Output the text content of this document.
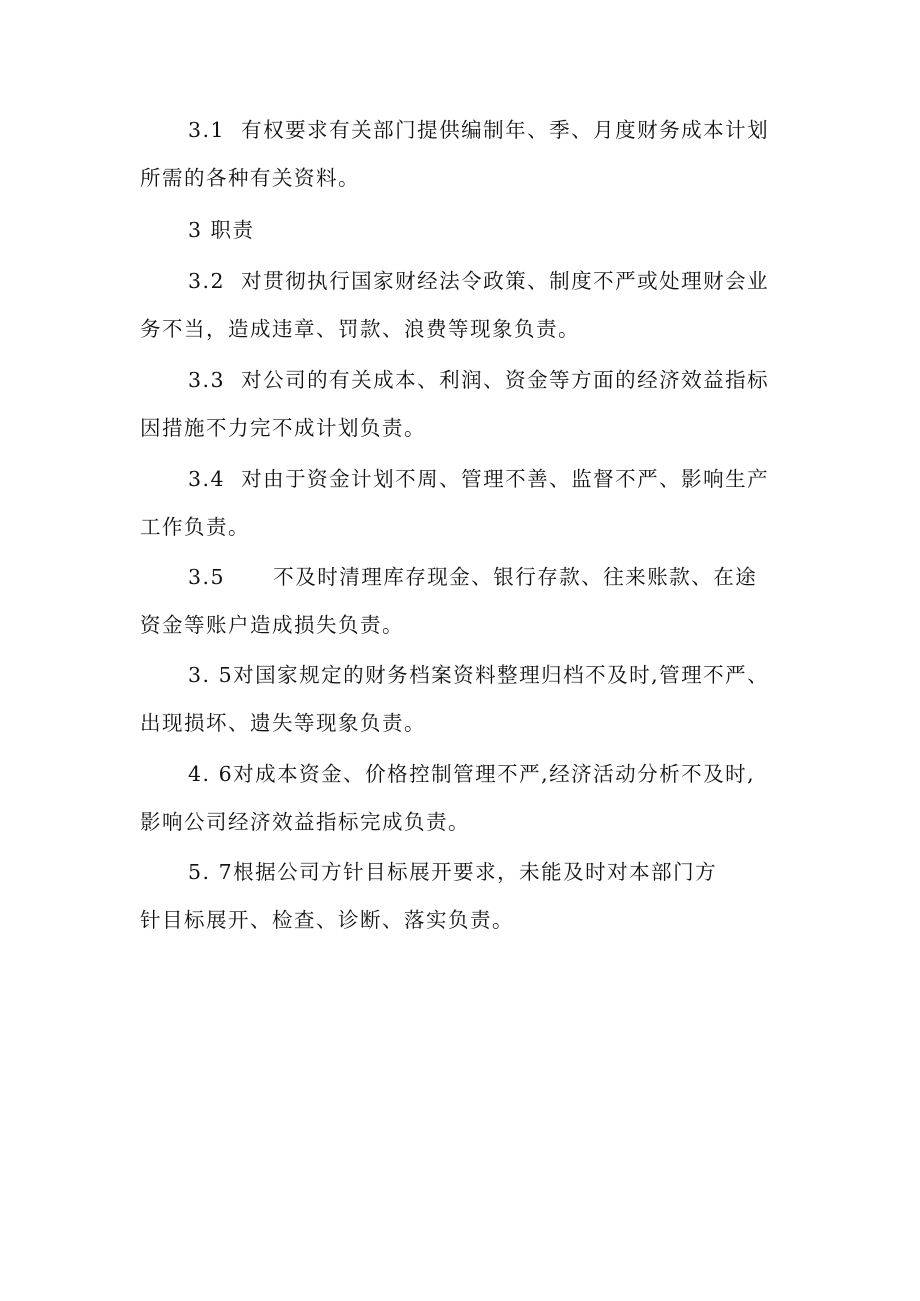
3.1  有权要求有关部门提供编制年、季、月度财务成本计划
所需的各种有关资料。

3 职责

3.2  对贯彻执行国家财经法令政策、制度不严或处理财会业
务不当，造成违章、罚款、浪费等现象负责。

3.3  对公司的有关成本、利润、资金等方面的经济效益指标
因措施不力完不成计划负责。

3.4  对由于资金计划不周、管理不善、监督不严、影响生产
工作负责。

3.5      不及时清理库存现金、银行存款、往来账款、在途
资金等账户造成损失负责。

3. 5对国家规定的财务档案资料整理归档不及时,管理不严、
出现损坏、遗失等现象负责。

4. 6对成本资金、价格控制管理不严,经济活动分析不及时,
影响公司经济效益指标完成负责。

5. 7根据公司方针目标展开要求，未能及时对本部门方
针目标展开、检查、诊断、落实负责。
